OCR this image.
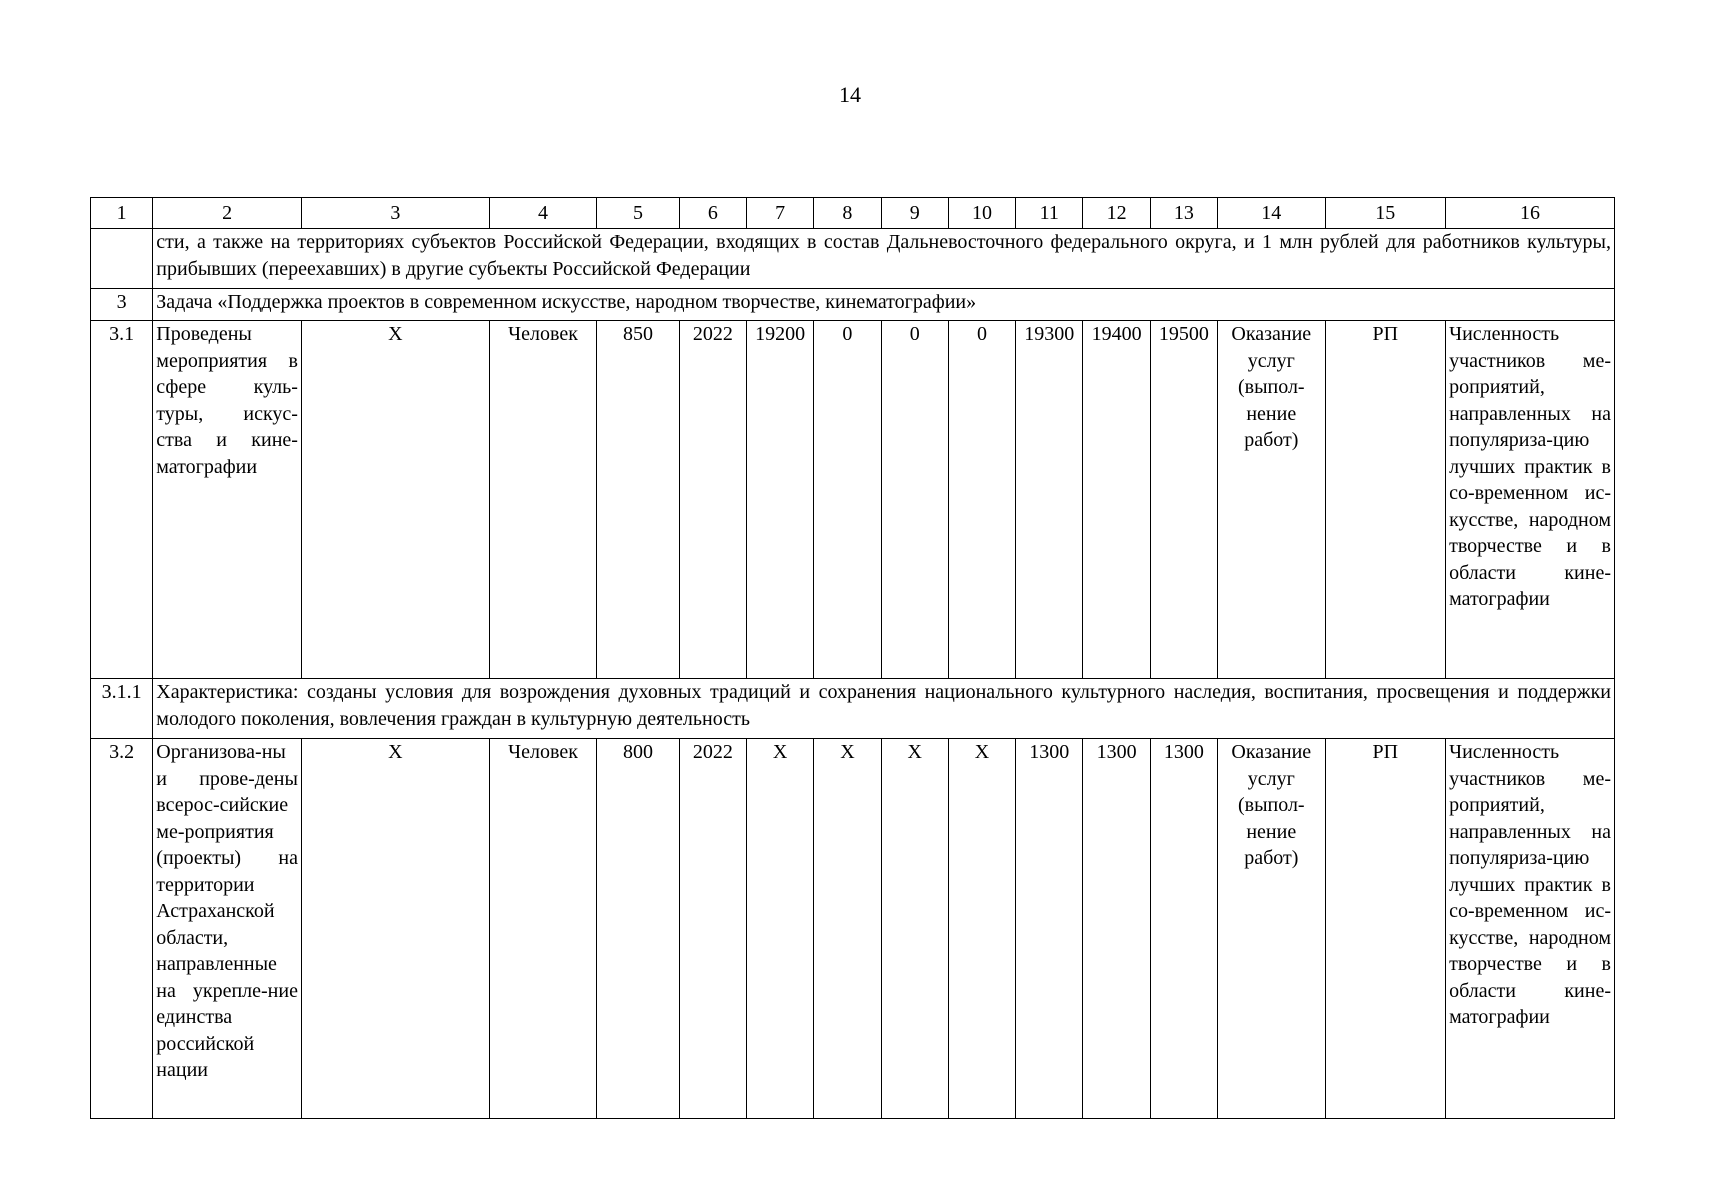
14
1	2	3	4	5	6	7	8	9	10	11	12	13	14	15	16
	сти, а также на территориях субъектов Российской Федерации, входящих в состав Дальневосточного федерального округа, и 1 млн рублей для работников культуры, прибывших (переехавших) в другие субъекты Российской Федерации														
3	Задача «Поддержка проектов в современном искусстве, народном творчестве, кинематографии»														
3.1	Проведены мероприятия в сфере куль-туры, искус-ства и кине-матографии	Х	Человек	850	2022	19200	0	0	0	19300	19400	19500	Оказание услуг (выпол-нение работ)	РП	Численность участников ме-роприятий, направленных на популяриза-цию лучших практик в со-временном ис-кусстве, народном творчестве и в области кине-матографии
3.1.1	Характеристика: созданы условия для возрождения духовных традиций и сохранения национального культурного наследия, воспитания, просвещения и поддержки молодого поколения, вовлечения граждан в культурную деятельность														
3.2	Организова-ны и прове-дены всерос-сийские ме-роприятия (проекты) на территории Астраханской области, направленные на укрепле-ние единства российской нации	Х	Человек	800	2022	Х	Х	Х	Х	1300	1300	1300	Оказание услуг (выпол-нение работ)	РП	Численность участников ме-роприятий, направленных на популяриза-цию лучших практик в со-временном ис-кусстве, народном творчестве и в области кине-матографии
